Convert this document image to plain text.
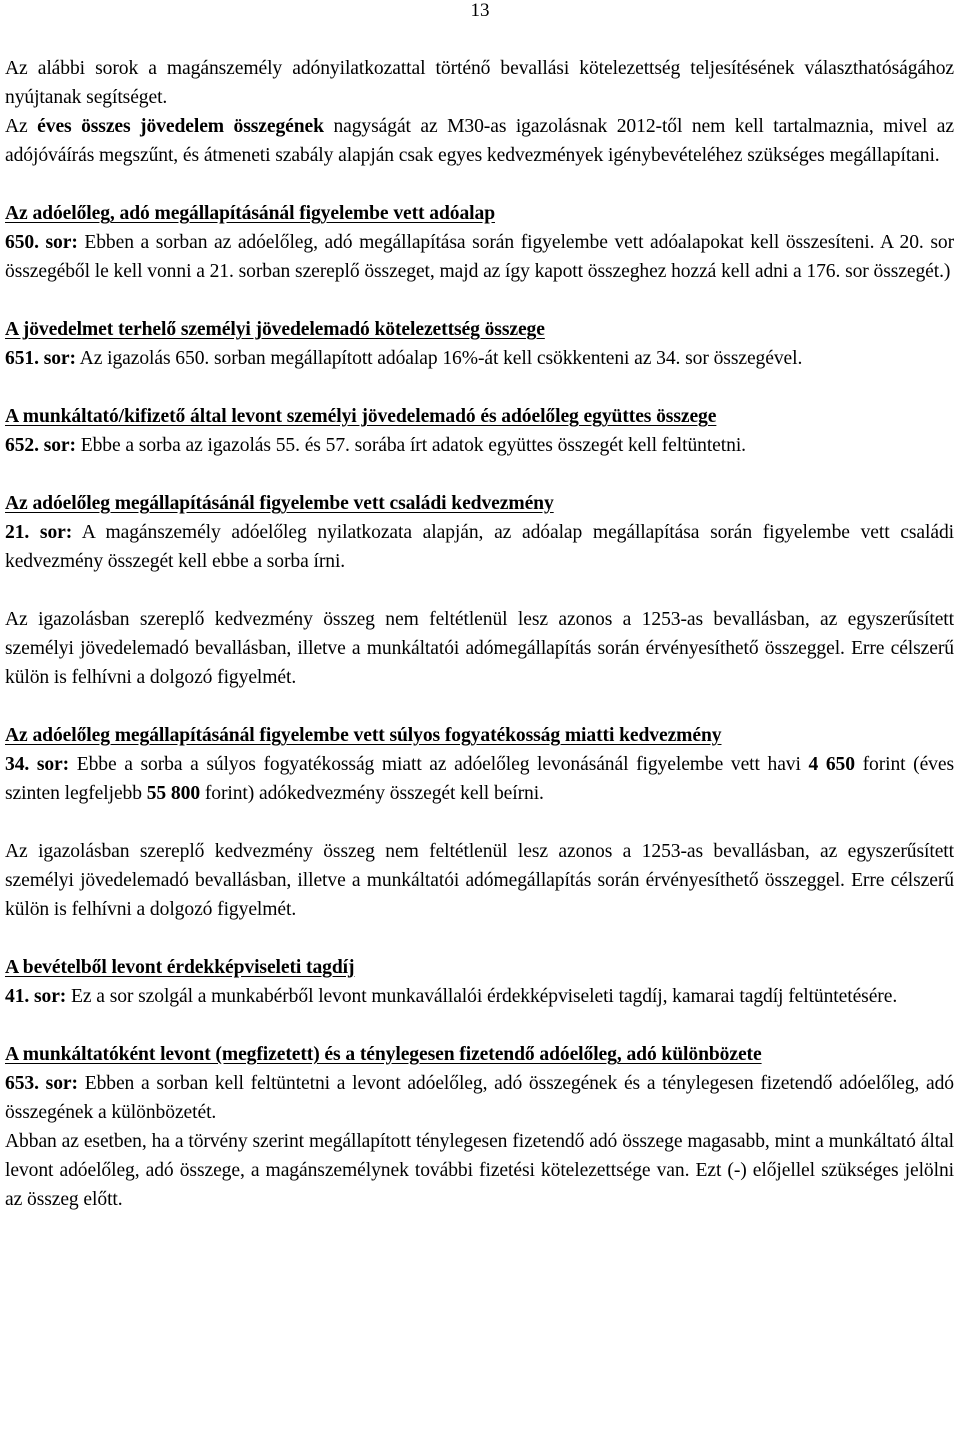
13

Az alábbi sorok a magánszemély adónyilatkozattal történő bevallási kötelezettség teljesítésének választhatóságához nyújtanak segítséget.

Az éves összes jövedelem összegének nagyságát az M30-as igazolásnak 2012-től nem kell tartalmaznia, mivel az adójóváírás megszűnt, és átmeneti szabály alapján csak egyes kedvezmények igénybevételéhez szükséges megállapítani.

Az adóelőleg, adó megállapításánál figyelembe vett adóalap

650. sor: Ebben a sorban az adóelőleg, adó megállapítása során figyelembe vett adóalapokat kell összesíteni. A 20. sor összegéből le kell vonni a 21. sorban szereplő összeget, majd az így kapott összeghez hozzá kell adni a 176. sor összegét.)

A jövedelmet terhelő személyi jövedelemadó kötelezettség összege

651. sor: Az igazolás 650. sorban megállapított adóalap 16%-át kell csökkenteni az 34. sor összegével.

A munkáltató/kifizető által levont személyi jövedelemadó és adóelőleg együttes összege

652. sor: Ebbe a sorba az igazolás 55. és 57. sorába írt adatok együttes összegét kell feltüntetni.

Az adóelőleg megállapításánál figyelembe vett családi kedvezmény

21. sor: A magánszemély adóelőleg nyilatkozata alapján, az adóalap megállapítása során figyelembe vett családi kedvezmény összegét kell ebbe a sorba írni.

Az igazolásban szereplő kedvezmény összeg nem feltétlenül lesz azonos a 1253-as bevallásban, az egyszerűsített személyi jövedelemadó bevallásban, illetve a munkáltatói adómegállapítás során érvényesíthető összeggel. Erre célszerű külön is felhívni a dolgozó figyelmét.

Az adóelőleg megállapításánál figyelembe vett súlyos fogyatékosság miatti kedvezmény

34. sor: Ebbe a sorba a súlyos fogyatékosság miatt az adóelőleg levonásánál figyelembe vett havi 4 650 forint (éves szinten legfeljebb 55 800 forint) adókedvezmény összegét kell beírni.

Az igazolásban szereplő kedvezmény összeg nem feltétlenül lesz azonos a 1253-as bevallásban, az egyszerűsített személyi jövedelemadó bevallásban, illetve a munkáltatói adómegállapítás során érvényesíthető összeggel. Erre célszerű külön is felhívni a dolgozó figyelmét.

A bevételből levont érdekképviseleti tagdíj

41. sor: Ez a sor szolgál a munkabérből levont munkavállalói érdekképviseleti tagdíj, kamarai tagdíj feltüntetésére.

A munkáltatóként levont (megfizetett) és a ténylegesen fizetendő adóelőleg, adó különbözete

653. sor: Ebben a sorban kell feltüntetni a levont adóelőleg, adó összegének és a ténylegesen fizetendő adóelőleg, adó összegének a különbözetét.

Abban az esetben, ha a törvény szerint megállapított ténylegesen fizetendő adó összege magasabb, mint a munkáltató által levont adóelőleg, adó összege, a magánszemélynek további fizetési kötelezettsége van. Ezt (-) előjellel szükséges jelölni az összeg előtt.
